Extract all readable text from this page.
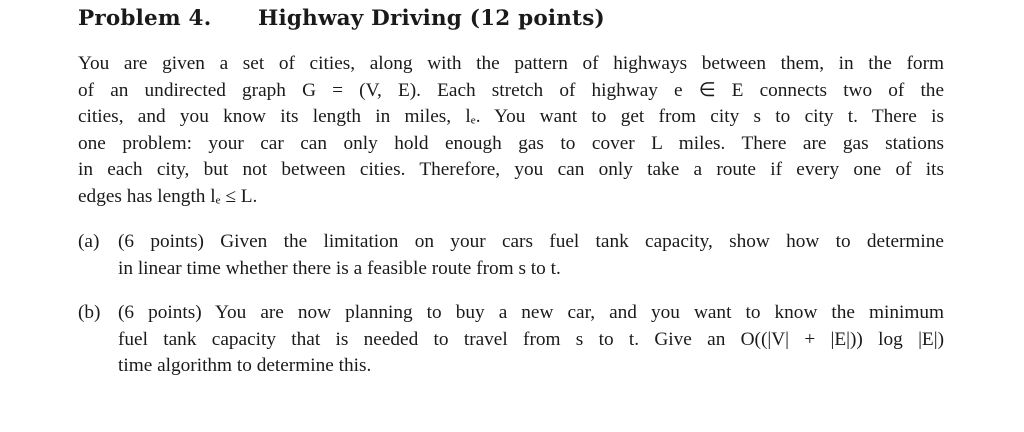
Problem 4. Highway Driving (12 points)
You are given a set of cities, along with the pattern of highways between them, in the form
of an undirected graph G = (V, E). Each stretch of highway e ∈ E connects two of the
cities, and you know its length in miles, lₑ. You want to get from city s to city t. There is
one problem: your car can only hold enough gas to cover L miles. There are gas stations
in each city, but not between cities. Therefore, you can only take a route if every one of its
edges has length lₑ ≤ L.
(a) (6 points) Given the limitation on your cars fuel tank capacity, show how to determine
in linear time whether there is a feasible route from s to t.
(b) (6 points) You are now planning to buy a new car, and you want to know the minimum
fuel tank capacity that is needed to travel from s to t. Give an O((|V| + |E|)) log |E|)
time algorithm to determine this.
